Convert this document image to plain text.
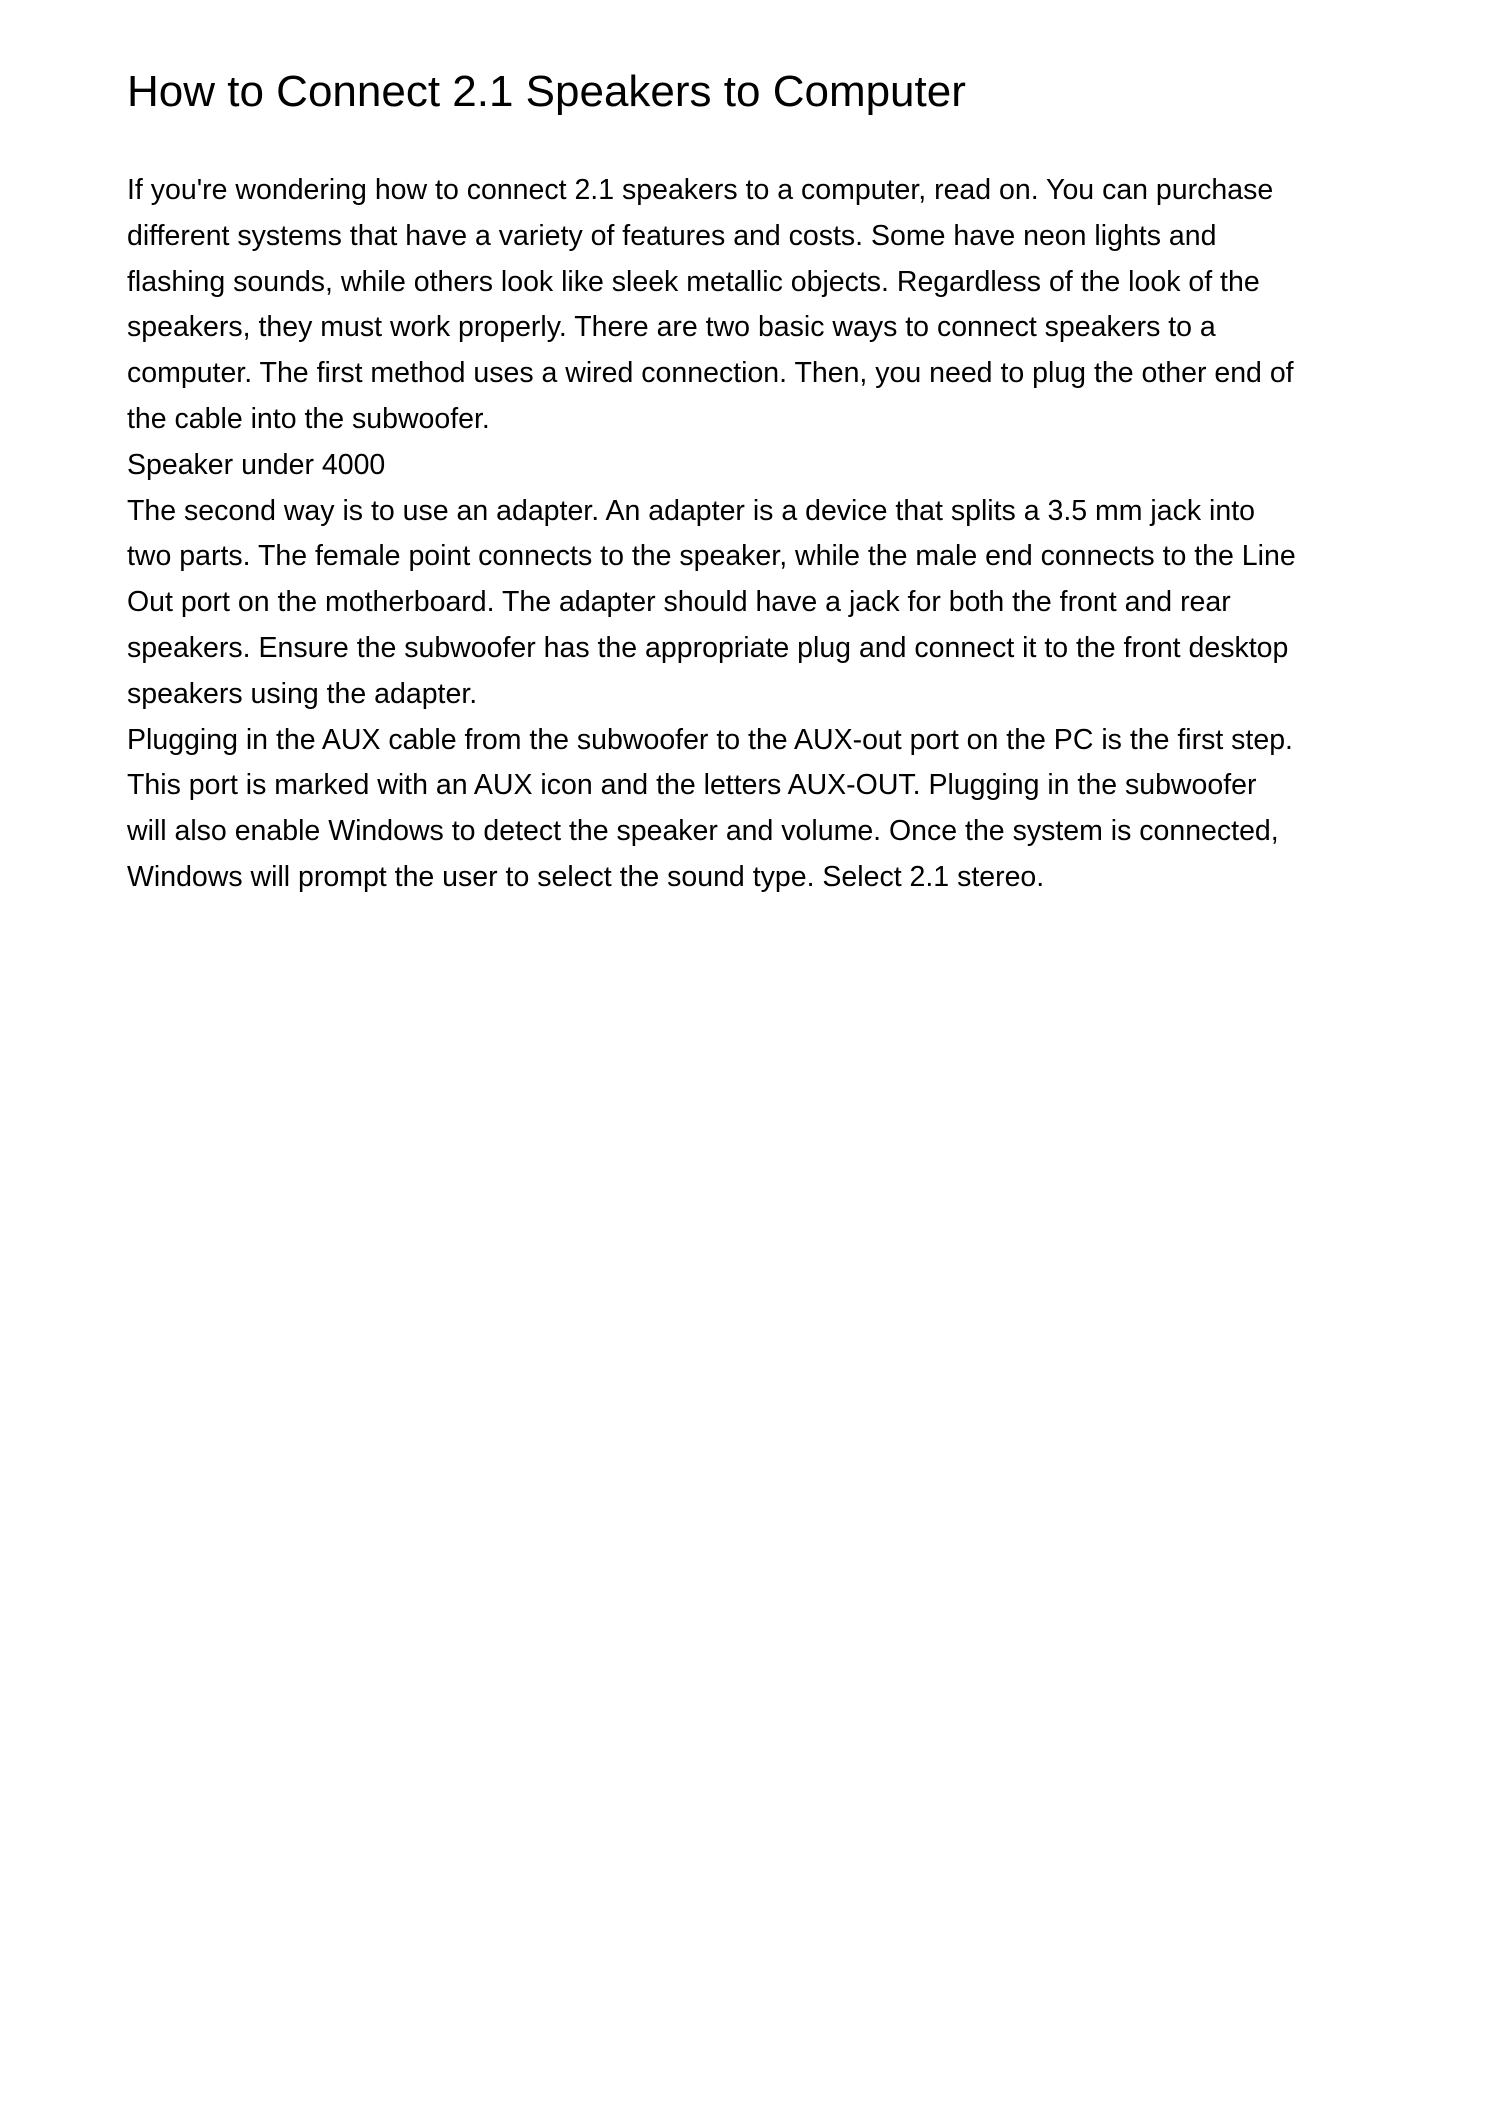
How to Connect 2.1 Speakers to Computer

If you're wondering how to connect 2.1 speakers to a computer, read on. You can purchase
different systems that have a variety of features and costs. Some have neon lights and
flashing sounds, while others look like sleek metallic objects. Regardless of the look of the
speakers, they must work properly. There are two basic ways to connect speakers to a
computer. The first method uses a wired connection. Then, you need to plug the other end of
the cable into the subwoofer.

Speaker under 4000

The second way is to use an adapter. An adapter is a device that splits a 3.5 mm jack into
two parts. The female point connects to the speaker, while the male end connects to the Line
Out port on the motherboard. The adapter should have a jack for both the front and rear
speakers. Ensure the subwoofer has the appropriate plug and connect it to the front desktop
speakers using the adapter.

Plugging in the AUX cable from the subwoofer to the AUX-out port on the PC is the first step.
This port is marked with an AUX icon and the letters AUX-OUT. Plugging in the subwoofer
will also enable Windows to detect the speaker and volume. Once the system is connected,
Windows will prompt the user to select the sound type. Select 2.1 stereo.
